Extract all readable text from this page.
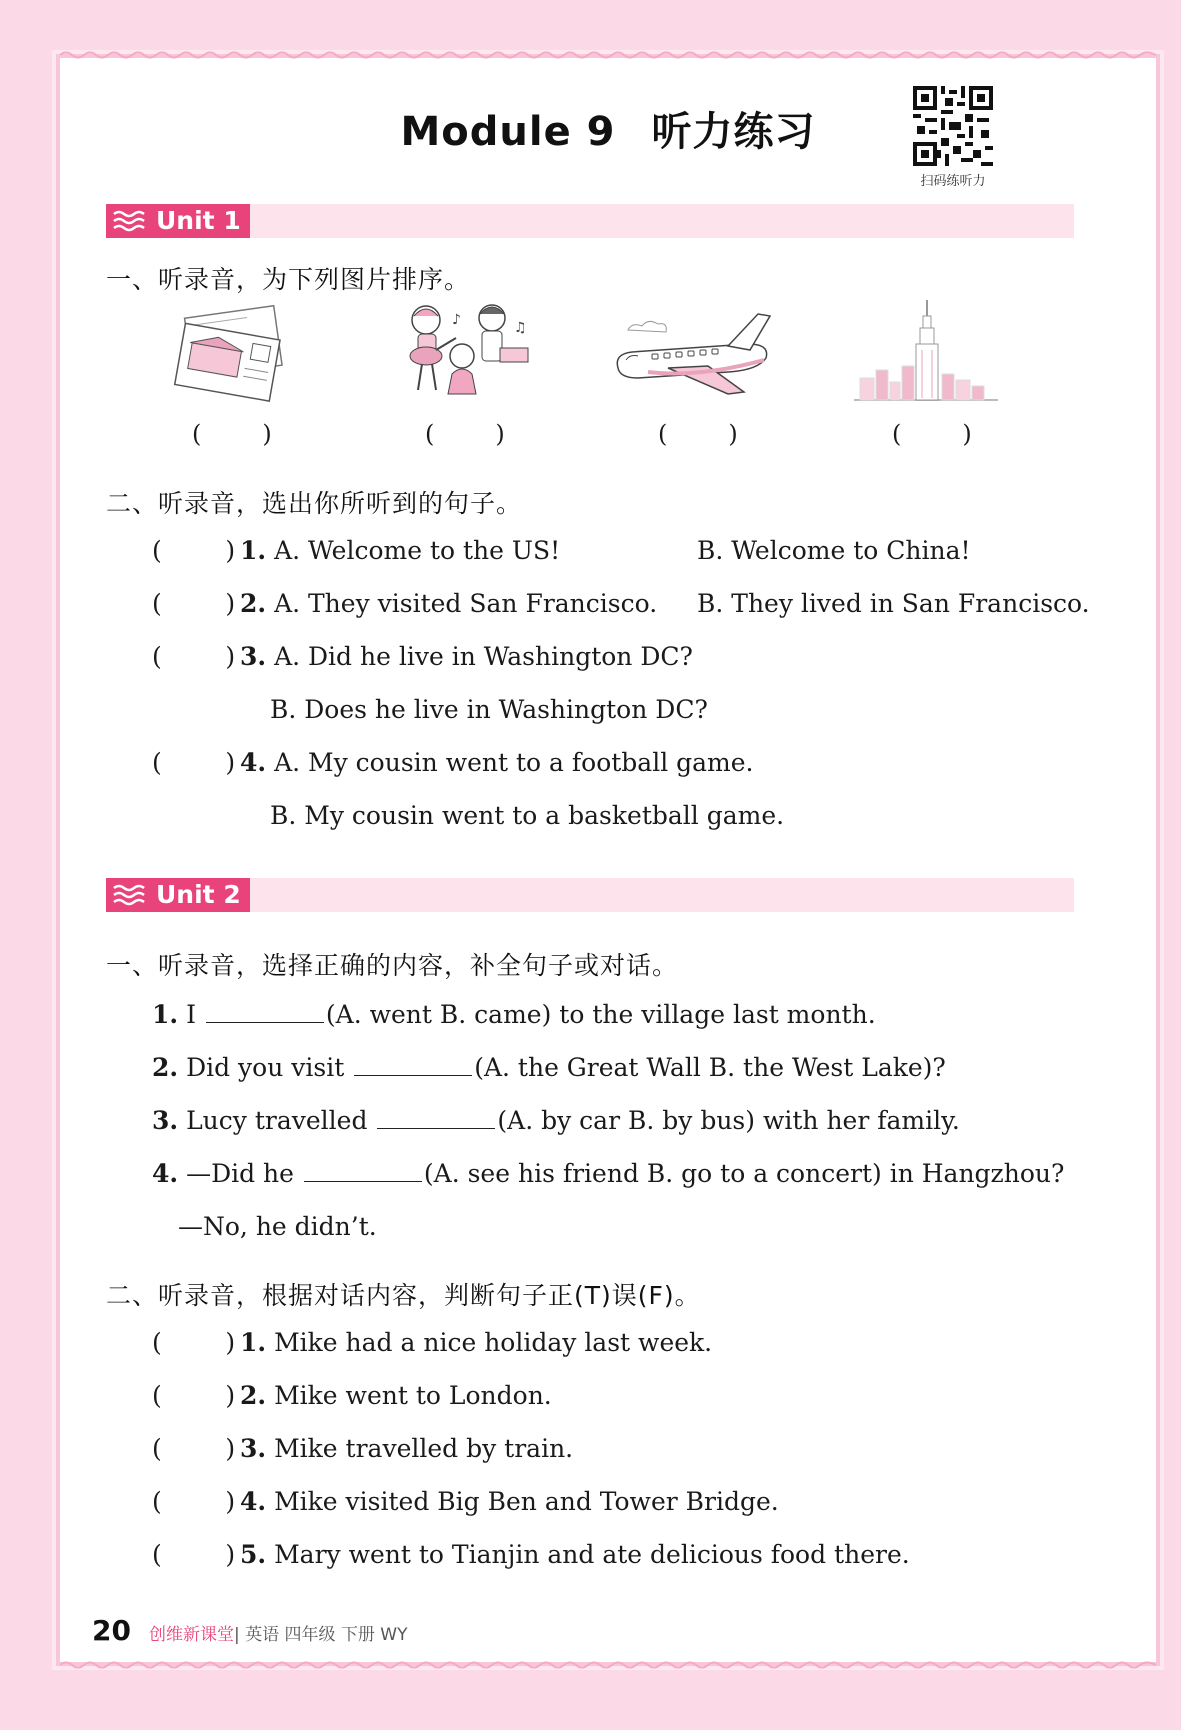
Module 9 听力练习
扫码练听力
Unit 1
一、听录音，为下列图片排序。
♪	♫
(        )	(        )	(        )	(        )
二、听录音，选出你所听到的句子。
(        ) 1. A. Welcome to the US!	B. Welcome to China!
(        ) 2. A. They visited San Francisco. B. They lived in San Francisco.
(        ) 3. A. Did he live in Washington DC?
B. Does he live in Washington DC?
(        ) 4. A. My cousin went to a football game.
B. My cousin went to a basketball game.
Unit 2
一、听录音，选择正确的内容，补全句子或对话。
1. I	(A. went B. came) to the village last month.
2. Did you visit	(A. the Great Wall B. the West Lake)?
3. Lucy travelled	(A. by car B. by bus) with her family.
4. —Did he	(A. see his friend B. go to a concert) in Hangzhou?
—No, he didn’t.
二、听录音，根据对话内容，判断句子正(T)误(F)。
(        ) 1. Mike had a nice holiday last week.
(        ) 2. Mike went to London.
(        ) 3. Mike travelled by train.
(        ) 4. Mike visited Big Ben and Tower Bridge.
(        ) 5. Mary went to Tianjin and ate delicious food there.
20 创维新课堂| 英语 四年级 下册 WY
